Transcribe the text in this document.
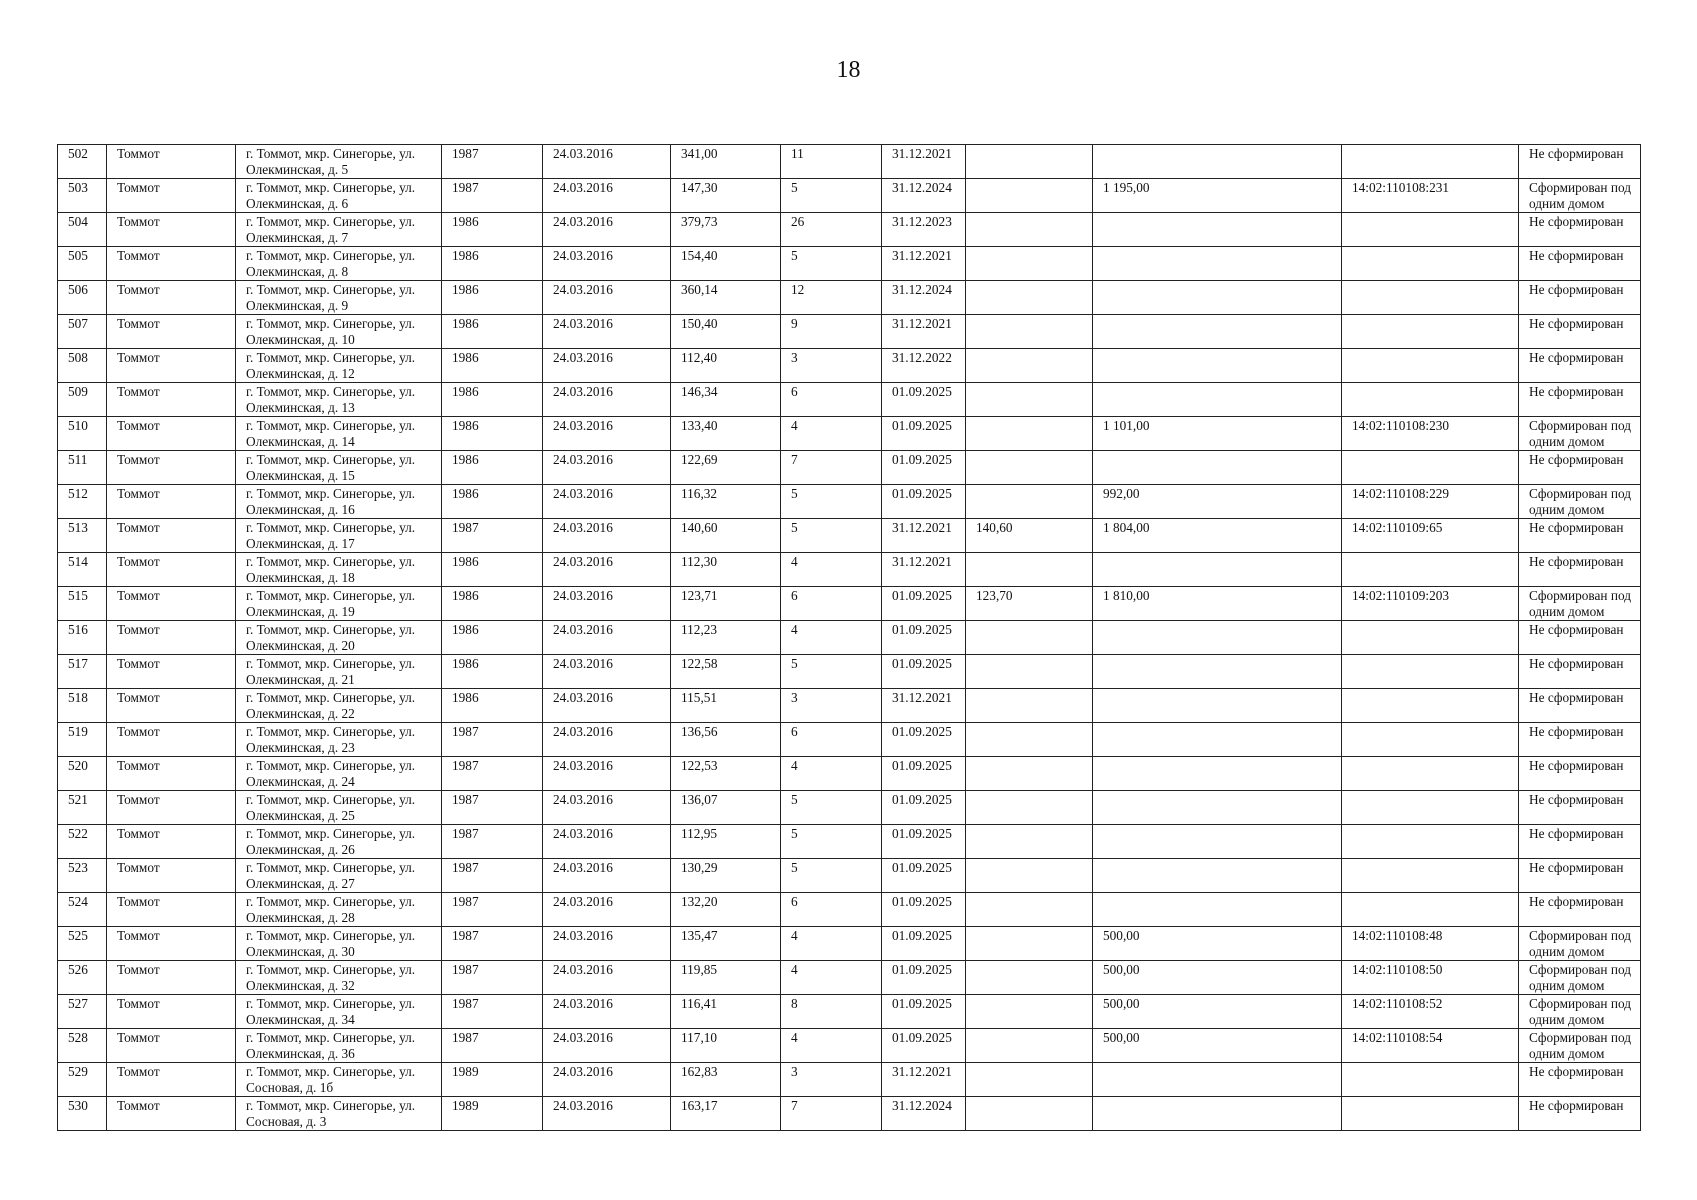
18
502	Томмот	г. Томмот, мкр. Синегорье, ул. Олекминская, д. 5	1987	24.03.2016	341,00	11	31.12.2021				Не сформирован
503	Томмот	г. Томмот, мкр. Синегорье, ул. Олекминская, д. 6	1987	24.03.2016	147,30	5	31.12.2024		1 195,00	14:02:110108:231	Сформирован под одним домом
504	Томмот	г. Томмот, мкр. Синегорье, ул. Олекминская, д. 7	1986	24.03.2016	379,73	26	31.12.2023				Не сформирован
505	Томмот	г. Томмот, мкр. Синегорье, ул. Олекминская, д. 8	1986	24.03.2016	154,40	5	31.12.2021				Не сформирован
506	Томмот	г. Томмот, мкр. Синегорье, ул. Олекминская, д. 9	1986	24.03.2016	360,14	12	31.12.2024				Не сформирован
507	Томмот	г. Томмот, мкр. Синегорье, ул. Олекминская, д. 10	1986	24.03.2016	150,40	9	31.12.2021				Не сформирован
508	Томмот	г. Томмот, мкр. Синегорье, ул. Олекминская, д. 12	1986	24.03.2016	112,40	3	31.12.2022				Не сформирован
509	Томмот	г. Томмот, мкр. Синегорье, ул. Олекминская, д. 13	1986	24.03.2016	146,34	6	01.09.2025				Не сформирован
510	Томмот	г. Томмот, мкр. Синегорье, ул. Олекминская, д. 14	1986	24.03.2016	133,40	4	01.09.2025		1 101,00	14:02:110108:230	Сформирован под одним домом
511	Томмот	г. Томмот, мкр. Синегорье, ул. Олекминская, д. 15	1986	24.03.2016	122,69	7	01.09.2025				Не сформирован
512	Томмот	г. Томмот, мкр. Синегорье, ул. Олекминская, д. 16	1986	24.03.2016	116,32	5	01.09.2025		992,00	14:02:110108:229	Сформирован под одним домом
513	Томмот	г. Томмот, мкр. Синегорье, ул. Олекминская, д. 17	1987	24.03.2016	140,60	5	31.12.2021	140,60	1 804,00	14:02:110109:65	Не сформирован
514	Томмот	г. Томмот, мкр. Синегорье, ул. Олекминская, д. 18	1986	24.03.2016	112,30	4	31.12.2021				Не сформирован
515	Томмот	г. Томмот, мкр. Синегорье, ул. Олекминская, д. 19	1986	24.03.2016	123,71	6	01.09.2025	123,70	1 810,00	14:02:110109:203	Сформирован под одним домом
516	Томмот	г. Томмот, мкр. Синегорье, ул. Олекминская, д. 20	1986	24.03.2016	112,23	4	01.09.2025				Не сформирован
517	Томмот	г. Томмот, мкр. Синегорье, ул. Олекминская, д. 21	1986	24.03.2016	122,58	5	01.09.2025				Не сформирован
518	Томмот	г. Томмот, мкр. Синегорье, ул. Олекминская, д. 22	1986	24.03.2016	115,51	3	31.12.2021				Не сформирован
519	Томмот	г. Томмот, мкр. Синегорье, ул. Олекминская, д. 23	1987	24.03.2016	136,56	6	01.09.2025				Не сформирован
520	Томмот	г. Томмот, мкр. Синегорье, ул. Олекминская, д. 24	1987	24.03.2016	122,53	4	01.09.2025				Не сформирован
521	Томмот	г. Томмот, мкр. Синегорье, ул. Олекминская, д. 25	1987	24.03.2016	136,07	5	01.09.2025				Не сформирован
522	Томмот	г. Томмот, мкр. Синегорье, ул. Олекминская, д. 26	1987	24.03.2016	112,95	5	01.09.2025				Не сформирован
523	Томмот	г. Томмот, мкр. Синегорье, ул. Олекминская, д. 27	1987	24.03.2016	130,29	5	01.09.2025				Не сформирован
524	Томмот	г. Томмот, мкр. Синегорье, ул. Олекминская, д. 28	1987	24.03.2016	132,20	6	01.09.2025				Не сформирован
525	Томмот	г. Томмот, мкр. Синегорье, ул. Олекминская, д. 30	1987	24.03.2016	135,47	4	01.09.2025		500,00	14:02:110108:48	Сформирован под одним домом
526	Томмот	г. Томмот, мкр. Синегорье, ул. Олекминская, д. 32	1987	24.03.2016	119,85	4	01.09.2025		500,00	14:02:110108:50	Сформирован под одним домом
527	Томмот	г. Томмот, мкр. Синегорье, ул. Олекминская, д. 34	1987	24.03.2016	116,41	8	01.09.2025		500,00	14:02:110108:52	Сформирован под одним домом
528	Томмот	г. Томмот, мкр. Синегорье, ул. Олекминская, д. 36	1987	24.03.2016	117,10	4	01.09.2025		500,00	14:02:110108:54	Сформирован под одним домом
529	Томмот	г. Томмот, мкр. Синегорье, ул. Сосновая, д. 1б	1989	24.03.2016	162,83	3	31.12.2021				Не сформирован
530	Томмот	г. Томмот, мкр. Синегорье, ул. Сосновая, д. 3	1989	24.03.2016	163,17	7	31.12.2024				Не сформирован
